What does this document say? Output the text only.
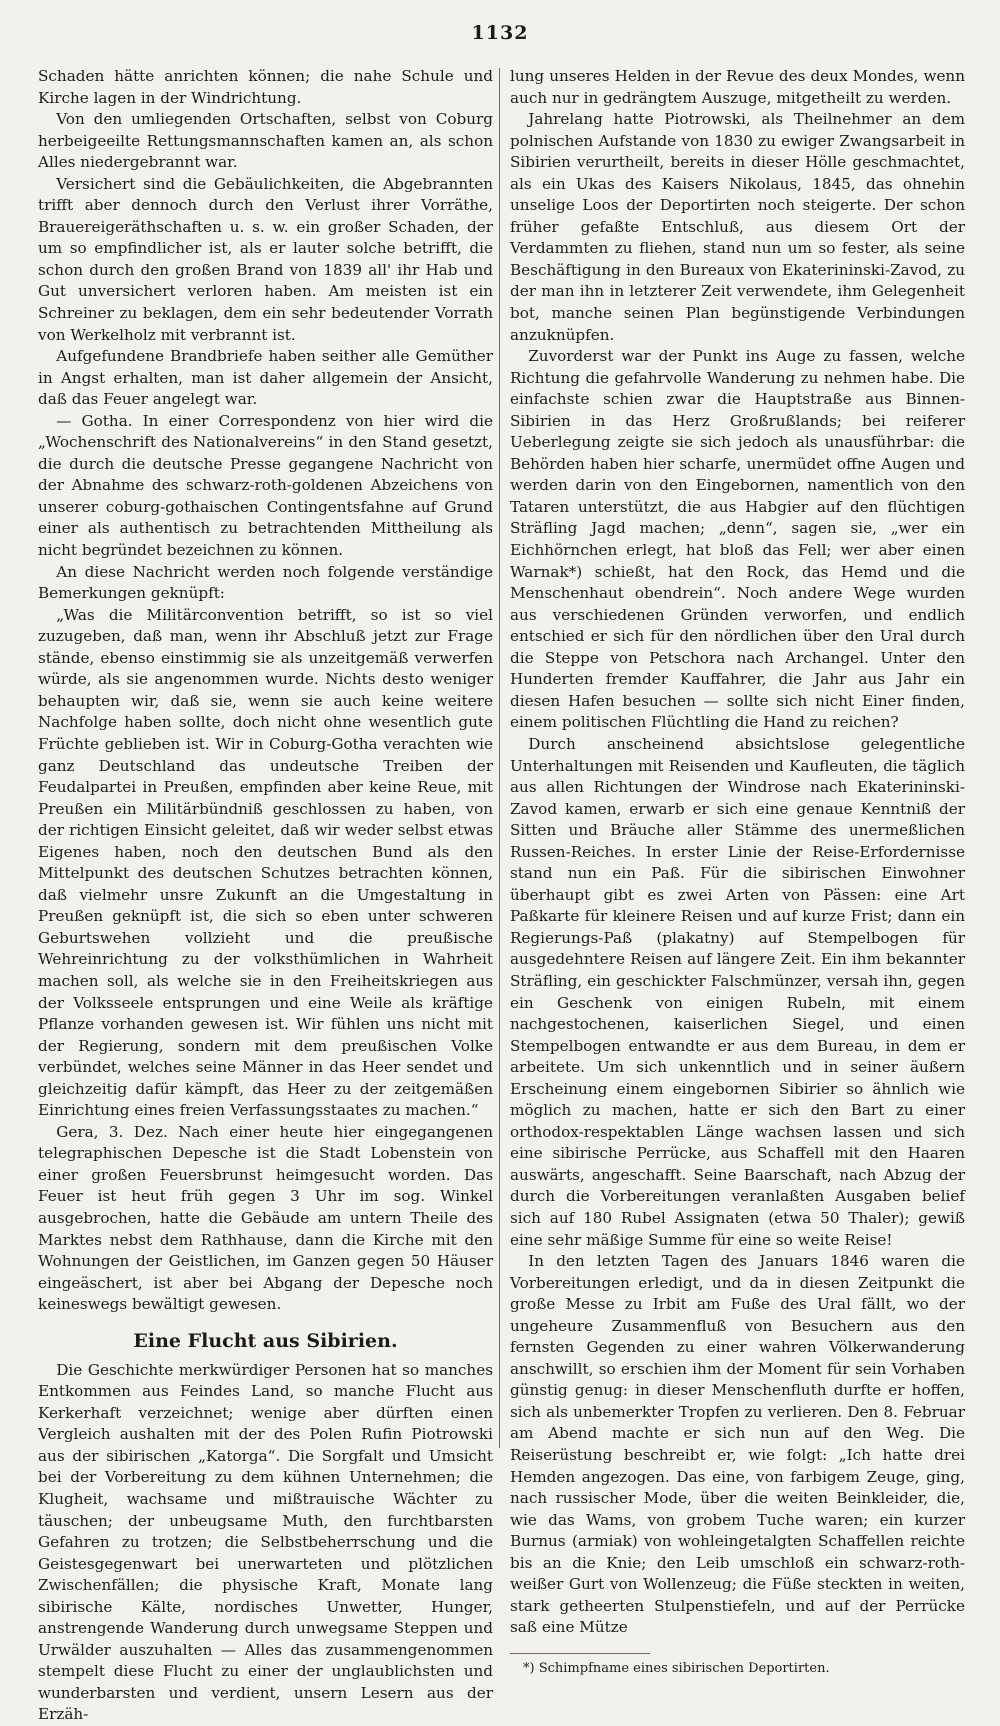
1132

Schaden hätte anrichten können; die nahe Schule und Kirche lagen in der Windrichtung.

Von den umliegenden Ortschaften, selbst von Coburg herbeigeeilte Rettungsmannschaften kamen an, als schon Alles niedergebrannt war.

Versichert sind die Gebäulichkeiten, die Abgebrannten trifft aber dennoch durch den Verlust ihrer Vorräthe, Brauereigeräthschaften u. s. w. ein großer Schaden, der um so empfindlicher ist, als er lauter solche betrifft, die schon durch den großen Brand von 1839 all' ihr Hab und Gut unversichert verloren haben. Am meisten ist ein Schreiner zu beklagen, dem ein sehr bedeutender Vorrath von Werkelholz mit verbrannt ist.

Aufgefundene Brandbriefe haben seither alle Gemüther in Angst erhalten, man ist daher allgemein der Ansicht, daß das Feuer angelegt war.

— Gotha. In einer Correspondenz von hier wird die „Wochenschrift des Nationalvereins“ in den Stand gesetzt, die durch die deutsche Presse gegangene Nachricht von der Abnahme des schwarz-roth-goldenen Abzeichens von unserer coburg-gothaischen Contingentsfahne auf Grund einer als authentisch zu betrachtenden Mittheilung als nicht begründet bezeichnen zu können.

An diese Nachricht werden noch folgende verständige Bemerkungen geknüpft:

„Was die Militärconvention betrifft, so ist so viel zuzugeben, daß man, wenn ihr Abschluß jetzt zur Frage stände, ebenso einstimmig sie als unzeitgemäß verwerfen würde, als sie angenommen wurde. Nichts desto weniger behaupten wir, daß sie, wenn sie auch keine weitere Nachfolge haben sollte, doch nicht ohne wesentlich gute Früchte geblieben ist. Wir in Coburg-Gotha verachten wie ganz Deutschland das undeutsche Treiben der Feudalpartei in Preußen, empfinden aber keine Reue, mit Preußen ein Militärbündniß geschlossen zu haben, von der richtigen Einsicht geleitet, daß wir weder selbst etwas Eigenes haben, noch den deutschen Bund als den Mittelpunkt des deutschen Schutzes betrachten können, daß vielmehr unsre Zukunft an die Umgestaltung in Preußen geknüpft ist, die sich so eben unter schweren Geburtswehen vollzieht und die preußische Wehreinrichtung zu der volksthümlichen in Wahrheit machen soll, als welche sie in den Freiheitskriegen aus der Volksseele entsprungen und eine Weile als kräftige Pflanze vorhanden gewesen ist. Wir fühlen uns nicht mit der Regierung, sondern mit dem preußischen Volke verbündet, welches seine Männer in das Heer sendet und gleichzeitig dafür kämpft, das Heer zu der zeitgemäßen Einrichtung eines freien Verfassungsstaates zu machen.“

Gera, 3. Dez. Nach einer heute hier eingegangenen telegraphischen Depesche ist die Stadt Lobenstein von einer großen Feuersbrunst heimgesucht worden. Das Feuer ist heut früh gegen 3 Uhr im sog. Winkel ausgebrochen, hatte die Gebäude am untern Theile des Marktes nebst dem Rathhause, dann die Kirche mit den Wohnungen der Geistlichen, im Ganzen gegen 50 Häuser eingeäschert, ist aber bei Abgang der Depesche noch keineswegs bewältigt gewesen.

Eine Flucht aus Sibirien.

Die Geschichte merkwürdiger Personen hat so manches Entkommen aus Feindes Land, so manche Flucht aus Kerkerhaft verzeichnet; wenige aber dürften einen Vergleich aushalten mit der des Polen Rufin Piotrowski aus der sibirischen „Katorga“. Die Sorgfalt und Umsicht bei der Vorbereitung zu dem kühnen Unternehmen; die Klugheit, wachsame und mißtrauische Wächter zu täuschen; der unbeugsame Muth, den furchtbarsten Gefahren zu trotzen; die Selbstbeherrschung und die Geistesgegenwart bei unerwarteten und plötzlichen Zwischenfällen; die physische Kraft, Monate lang sibirische Kälte, nordisches Unwetter, Hunger, anstrengende Wanderung durch unwegsame Steppen und Urwälder auszuhalten — Alles das zusammengenommen stempelt diese Flucht zu einer der unglaublichsten und wunderbarsten und verdient, unsern Lesern aus der Erzäh-

lung unseres Helden in der Revue des deux Mondes, wenn auch nur in gedrängtem Auszuge, mitgetheilt zu werden.

Jahrelang hatte Piotrowski, als Theilnehmer an dem polnischen Aufstande von 1830 zu ewiger Zwangsarbeit in Sibirien verurtheilt, bereits in dieser Hölle geschmachtet, als ein Ukas des Kaisers Nikolaus, 1845, das ohnehin unselige Loos der Deportirten noch steigerte. Der schon früher gefaßte Entschluß, aus diesem Ort der Verdammten zu fliehen, stand nun um so fester, als seine Beschäftigung in den Bureaux von Ekaterininski-Zavod, zu der man ihn in letzterer Zeit verwendete, ihm Gelegenheit bot, manche seinen Plan begünstigende Verbindungen anzuknüpfen.

Zuvorderst war der Punkt ins Auge zu fassen, welche Richtung die gefahrvolle Wanderung zu nehmen habe. Die einfachste schien zwar die Hauptstraße aus Binnen-Sibirien in das Herz Großrußlands; bei reiferer Ueberlegung zeigte sie sich jedoch als unausführbar: die Behörden haben hier scharfe, unermüdet offne Augen und werden darin von den Eingebornen, namentlich von den Tataren unterstützt, die aus Habgier auf den flüchtigen Sträfling Jagd machen; „denn“, sagen sie, „wer ein Eichhörnchen erlegt, hat bloß das Fell; wer aber einen Warnak*) schießt, hat den Rock, das Hemd und die Menschenhaut obendrein“. Noch andere Wege wurden aus verschiedenen Gründen verworfen, und endlich entschied er sich für den nördlichen über den Ural durch die Steppe von Petschora nach Archangel. Unter den Hunderten fremder Kauffahrer, die Jahr aus Jahr ein diesen Hafen besuchen — sollte sich nicht Einer finden, einem politischen Flüchtling die Hand zu reichen?

Durch anscheinend absichtslose gelegentliche Unterhaltungen mit Reisenden und Kaufleuten, die täglich aus allen Richtungen der Windrose nach Ekaterininski-Zavod kamen, erwarb er sich eine genaue Kenntniß der Sitten und Bräuche aller Stämme des unermeßlichen Russen-Reiches. In erster Linie der Reise-Erfordernisse stand nun ein Paß. Für die sibirischen Einwohner überhaupt gibt es zwei Arten von Pässen: eine Art Paßkarte für kleinere Reisen und auf kurze Frist; dann ein Regierungs-Paß (plakatny) auf Stempelbogen für ausgedehntere Reisen auf längere Zeit. Ein ihm bekannter Sträfling, ein geschickter Falschmünzer, versah ihn, gegen ein Geschenk von einigen Rubeln, mit einem nachgestochenen, kaiserlichen Siegel, und einen Stempelbogen entwandte er aus dem Bureau, in dem er arbeitete. Um sich unkenntlich und in seiner äußern Erscheinung einem eingebornen Sibirier so ähnlich wie möglich zu machen, hatte er sich den Bart zu einer orthodox-respektablen Länge wachsen lassen und sich eine sibirische Perrücke, aus Schaffell mit den Haaren auswärts, angeschafft. Seine Baarschaft, nach Abzug der durch die Vorbereitungen veranlaßten Ausgaben belief sich auf 180 Rubel Assignaten (etwa 50 Thaler); gewiß eine sehr mäßige Summe für eine so weite Reise!

In den letzten Tagen des Januars 1846 waren die Vorbereitungen erledigt, und da in diesen Zeitpunkt die große Messe zu Irbit am Fuße des Ural fällt, wo der ungeheure Zusammenfluß von Besuchern aus den fernsten Gegenden zu einer wahren Völkerwanderung anschwillt, so erschien ihm der Moment für sein Vorhaben günstig genug: in dieser Menschenfluth durfte er hoffen, sich als unbemerkter Tropfen zu verlieren. Den 8. Februar am Abend machte er sich nun auf den Weg. Die Reiserüstung beschreibt er, wie folgt: „Ich hatte drei Hemden angezogen. Das eine, von farbigem Zeuge, ging, nach russischer Mode, über die weiten Beinkleider, die, wie das Wams, von grobem Tuche waren; ein kurzer Burnus (armiak) von wohleingetalgten Schaffellen reichte bis an die Knie; den Leib umschloß ein schwarz-roth-weißer Gurt von Wollenzeug; die Füße steckten in weiten, stark getheerten Stulpenstiefeln, und auf der Perrücke saß eine Mütze

*) Schimpfname eines sibirischen Deportirten.
